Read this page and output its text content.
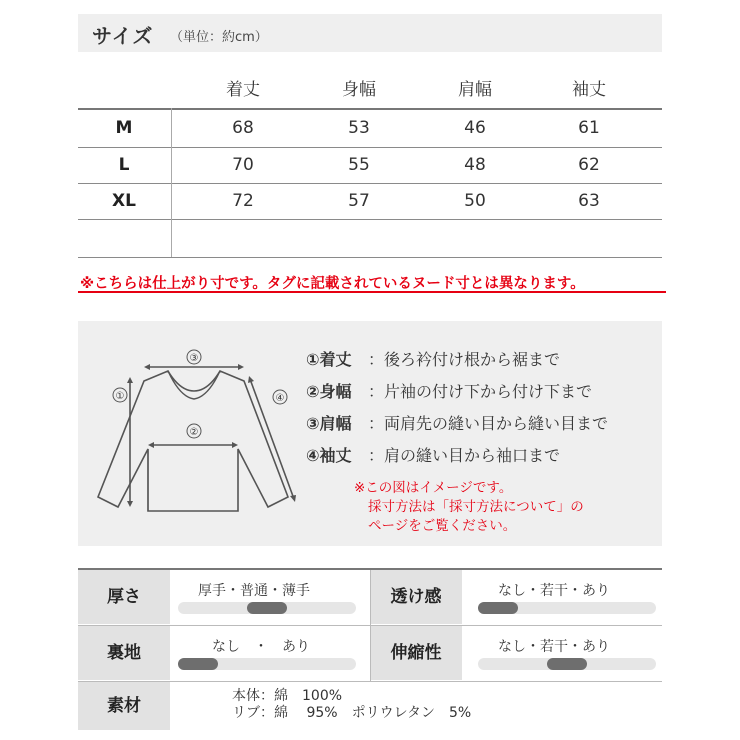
サイズ （単位：約cm）
着丈	身幅	肩幅	袖丈
M	68	53	46	61
L	70	55	48	62
XL	72	57	50	63
※こちらは仕上がり寸です。タグに記載されているヌード寸とは異なります。
③
②
①	④
①着丈 ：後ろ衿付け根から裾まで
②身幅 ：片袖の付け下から付け下まで
③肩幅 ：両肩先の縫い目から縫い目まで
④袖丈 ：肩の縫い目から袖口まで
※この図はイメージです。
採寸方法は「採寸方法について」の
ページをご覧ください。
厚さ	厚手・普通・薄手	透け感	なし・若干・あり
裏地	なし　・　あり	伸縮性	なし・若干・あり
素材	本体：綿　100%
リブ：綿　 95%　ポリウレタン　5%
